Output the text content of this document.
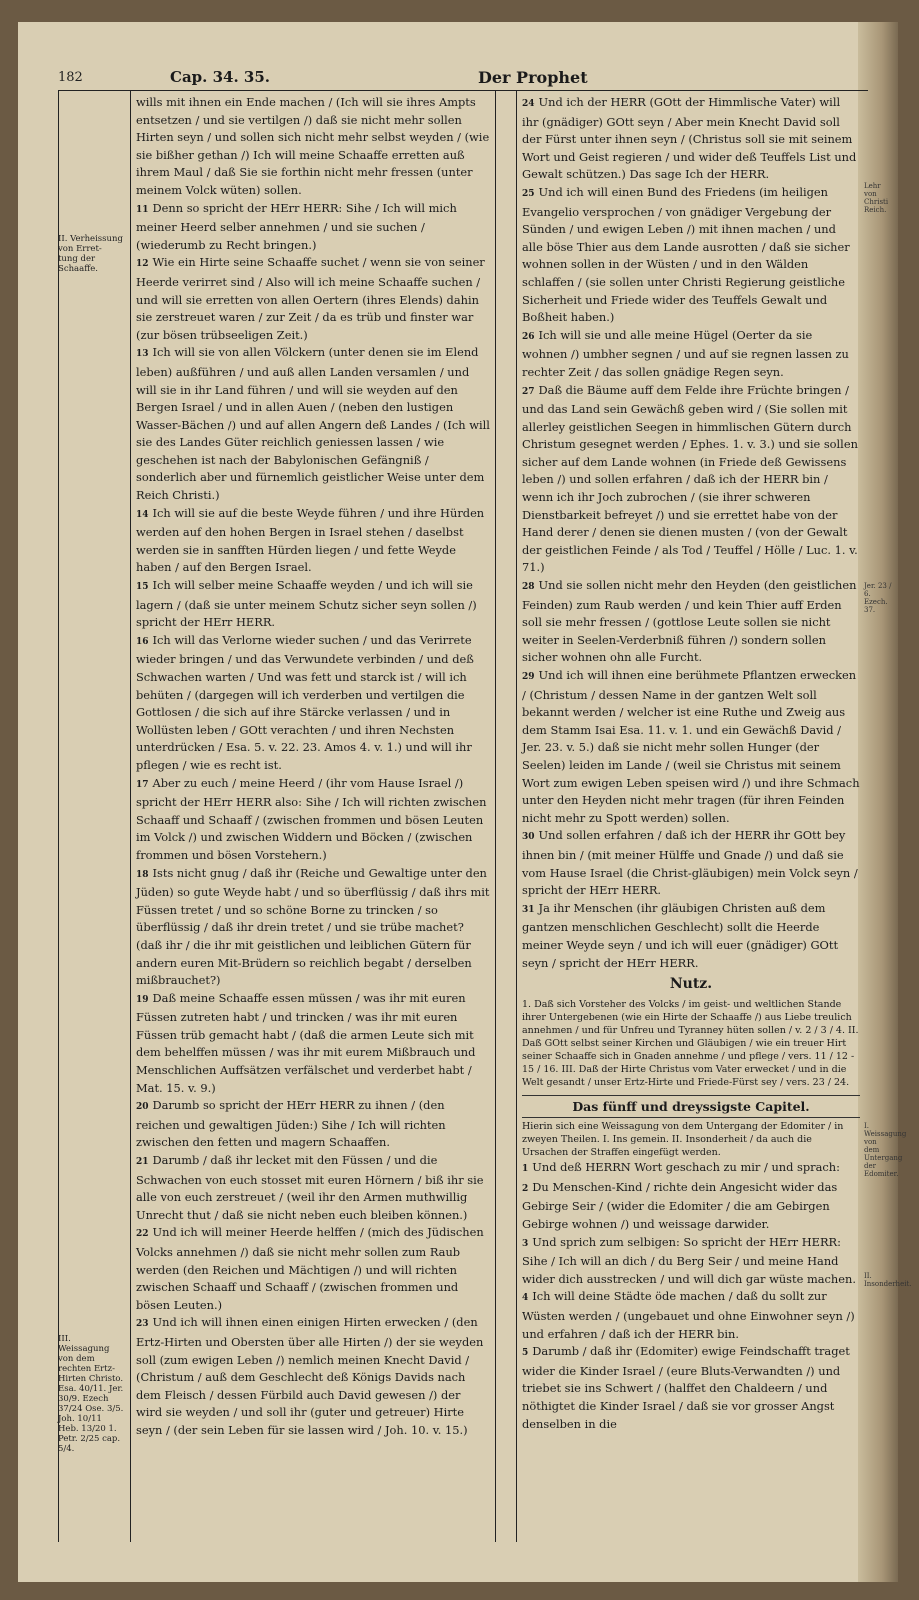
182	Cap. 34. 35.	Der Prophet
II. Verheissung von Erret- tung der Schaaffe.
III. Weissagung von dem rechten Ertz- Hirten Christo. Esa. 40/11. Jer. 30/9. Ezech 37/24 Ose. 3/5. Joh. 10/11 Heb. 13/20 1. Petr. 2/25 cap. 5/4.

wills mit ihnen ein Ende machen / (Ich will sie ihres Ampts entsetzen / und sie vertilgen /) daß sie nicht mehr sollen Hirten seyn / und sollen sich nicht mehr selbst weyden / (wie sie bißher gethan /) Ich will meine Schaaffe erretten auß ihrem Maul / daß Sie sie forthin nicht mehr fressen (unter meinem Volck wüten) sollen.

11 Denn so spricht der HErr HERR: Sihe / Ich will mich meiner Heerd selber annehmen / und sie suchen / (wiederumb zu Recht bringen.)

12 Wie ein Hirte seine Schaaffe suchet / wenn sie von seiner Heerde verirret sind / Also will ich meine Schaaffe suchen / und will sie erretten von allen Oertern (ihres Elends) dahin sie zerstreuet waren / zur Zeit / da es trüb und finster war (zur bösen trübseeligen Zeit.)

13 Ich will sie von allen Völckern (unter denen sie im Elend leben) außführen / und auß allen Landen versamlen / und will sie in ihr Land führen / und will sie weyden auf den Bergen Israel / und in allen Auen / (neben den lustigen Wasser-Bächen /) und auf allen Angern deß Landes / (Ich will sie des Landes Güter reichlich geniessen lassen / wie geschehen ist nach der Babylonischen Gefängniß / sonderlich aber und fürnemlich geistlicher Weise unter dem Reich Christi.)

14 Ich will sie auf die beste Weyde führen / und ihre Hürden werden auf den hohen Bergen in Israel stehen / daselbst werden sie in sanfften Hürden liegen / und fette Weyde haben / auf den Bergen Israel.

15 Ich will selber meine Schaaffe weyden / und ich will sie lagern / (daß sie unter meinem Schutz sicher seyn sollen /) spricht der HErr HERR.

16 Ich will das Verlorne wieder suchen / und das Verirrete wieder bringen / und das Verwundete verbinden / und deß Schwachen warten / Und was fett und starck ist / will ich behüten / (dargegen will ich verderben und vertilgen die Gottlosen / die sich auf ihre Stärcke verlassen / und in Wollüsten leben / GOtt verachten / und ihren Nechsten unterdrücken / Esa. 5. v. 22. 23. Amos 4. v. 1.) und will ihr pflegen / wie es recht ist.

17 Aber zu euch / meine Heerd / (ihr vom Hause Israel /) spricht der HErr HERR also: Sihe / Ich will richten zwischen Schaaff und Schaaff / (zwischen frommen und bösen Leuten im Volck /) und zwischen Widdern und Böcken / (zwischen frommen und bösen Vorstehern.)

18 Ists nicht gnug / daß ihr (Reiche und Gewaltige unter den Jüden) so gute Weyde habt / und so überflüssig / daß ihrs mit Füssen tretet / und so schöne Borne zu trincken / so überflüssig / daß ihr drein tretet / und sie trübe machet? (daß ihr / die ihr mit geistlichen und leiblichen Gütern für andern euren Mit-Brüdern so reichlich begabt / derselben mißbrauchet?)

19 Daß meine Schaaffe essen müssen / was ihr mit euren Füssen zutreten habt / und trincken / was ihr mit euren Füssen trüb gemacht habt / (daß die armen Leute sich mit dem behelffen müssen / was ihr mit eurem Mißbrauch und Menschlichen Auffsätzen verfälschet und verderbet habt / Mat. 15. v. 9.)

20 Darumb so spricht der HErr HERR zu ihnen / (den reichen und gewaltigen Jüden:) Sihe / Ich will richten zwischen den fetten und magern Schaaffen.

21 Darumb / daß ihr lecket mit den Füssen / und die Schwachen von euch stosset mit euren Hörnern / biß ihr sie alle von euch zerstreuet / (weil ihr den Armen muthwillig Unrecht thut / daß sie nicht neben euch bleiben können.)

22 Und ich will meiner Heerde helffen / (mich des Jüdischen Volcks annehmen /) daß sie nicht mehr sollen zum Raub werden (den Reichen und Mächtigen /) und will richten zwischen Schaaff und Schaaff / (zwischen frommen und bösen Leuten.)

23 Und ich will ihnen einen einigen Hirten erwecken / (den Ertz-Hirten und Obersten über alle Hirten /) der sie weyden soll (zum ewigen Leben /) nemlich meinen Knecht David / (Christum / auß dem Geschlecht deß Königs Davids nach dem Fleisch / dessen Fürbild auch David gewesen /) der wird sie weyden / und soll ihr (guter und getreuer) Hirte seyn / (der sein Leben für sie lassen wird / Joh. 10. v. 15.)

24 Und ich der HERR (GOtt der Himmlische Vater) will ihr (gnädiger) GOtt seyn / Aber mein Knecht David soll der Fürst unter ihnen seyn / (Christus soll sie mit seinem Wort und Geist regieren / und wider deß Teuffels List und Gewalt schützen.) Das sage Ich der HERR.

25 Und ich will einen Bund des Friedens (im heiligen Evangelio versprochen / von gnädiger Vergebung der Sünden / und ewigen Leben /) mit ihnen machen / und alle böse Thier aus dem Lande ausrotten / daß sie sicher wohnen sollen in der Wüsten / und in den Wälden schlaffen / (sie sollen unter Christi Regierung geistliche Sicherheit und Friede wider des Teuffels Gewalt und Boßheit haben.)

26 Ich will sie und alle meine Hügel (Oerter da sie wohnen /) umbher segnen / und auf sie regnen lassen zu rechter Zeit / das sollen gnädige Regen seyn.

27 Daß die Bäume auff dem Felde ihre Früchte bringen / und das Land sein Gewächß geben wird / (Sie sollen mit allerley geistlichen Seegen in himmlischen Gütern durch Christum gesegnet werden / Ephes. 1. v. 3.) und sie sollen sicher auf dem Lande wohnen (in Friede deß Gewissens leben /) und sollen erfahren / daß ich der HERR bin / wenn ich ihr Joch zubrochen / (sie ihrer schweren Dienstbarkeit befreyet /) und sie errettet habe von der Hand derer / denen sie dienen musten / (von der Gewalt der geistlichen Feinde / als Tod / Teuffel / Hölle / Luc. 1. v. 71.)

28 Und sie sollen nicht mehr den Heyden (den geistlichen Feinden) zum Raub werden / und kein Thier auff Erden soll sie mehr fressen / (gottlose Leute sollen sie nicht weiter in Seelen-Verderbniß führen /) sondern sollen sicher wohnen ohn alle Furcht.

29 Und ich will ihnen eine berühmete Pflantzen erwecken / (Christum / dessen Name in der gantzen Welt soll bekannt werden / welcher ist eine Ruthe und Zweig aus dem Stamm Isai Esa. 11. v. 1. und ein Gewächß David / Jer. 23. v. 5.) daß sie nicht mehr sollen Hunger (der Seelen) leiden im Lande / (weil sie Christus mit seinem Wort zum ewigen Leben speisen wird /) und ihre Schmach unter den Heyden nicht mehr tragen (für ihren Feinden nicht mehr zu Spott werden) sollen.

30 Und sollen erfahren / daß ich der HERR ihr GOtt bey ihnen bin / (mit meiner Hülffe und Gnade /) und daß sie vom Hause Israel (die Christ-gläubigen) mein Volck seyn / spricht der HErr HERR.

31 Ja ihr Menschen (ihr gläubigen Christen auß dem gantzen menschlichen Geschlecht) sollt die Heerde meiner Weyde seyn / und ich will euer (gnädiger) GOtt seyn / spricht der HErr HERR.

Nutz.

1. Daß sich Vorsteher des Volcks / im geist- und weltlichen Stande ihrer Untergebenen (wie ein Hirte der Schaaffe /) aus Liebe treulich annehmen / und für Unfreu und Tyranney hüten sollen / v. 2 / 3 / 4. II. Daß GOtt selbst seiner Kirchen und Gläubigen / wie ein treuer Hirt seiner Schaaffe sich in Gnaden annehme / und pflege / vers. 11 / 12 - 15 / 16. III. Daß der Hirte Christus vom Vater erwecket / und in die Welt gesandt / unser Ertz-Hirte und Friede-Fürst sey / vers. 23 / 24.

Das fünff und dreyssigste Capitel.

Hierin sich eine Weissagung von dem Untergang der Edomiter / in zweyen Theilen. I. Ins gemein. II. Insonderheit / da auch die Ursachen der Straffen eingefügt werden.

1 Und deß HERRN Wort geschach zu mir / und sprach:

2 Du Menschen-Kind / richte dein Angesicht wider das Gebirge Seir / (wider die Edomiter / die am Gebirgen Gebirge wohnen /) und weissage darwider.

3 Und sprich zum selbigen: So spricht der HErr HERR: Sihe / Ich will an dich / du Berg Seir / und meine Hand wider dich ausstrecken / und will dich gar wüste machen.

4 Ich will deine Städte öde machen / daß du sollt zur Wüsten werden / (ungebauet und ohne Einwohner seyn /) und erfahren / daß ich der HERR bin.

5 Darumb / daß ihr (Edomiter) ewige Feindschafft traget wider die Kinder Israel / (eure Bluts-Verwandten /) und triebet sie ins Schwert / (halffet den Chaldeern / und nöthigtet die Kinder Israel / daß sie vor grosser Angst denselben in die

Lehr von Christi Reich.
Jer. 23 / 6. Ezech. 37.
I. Weissagung von dem Untergang der Edomiter.
II. Insonderheit.
